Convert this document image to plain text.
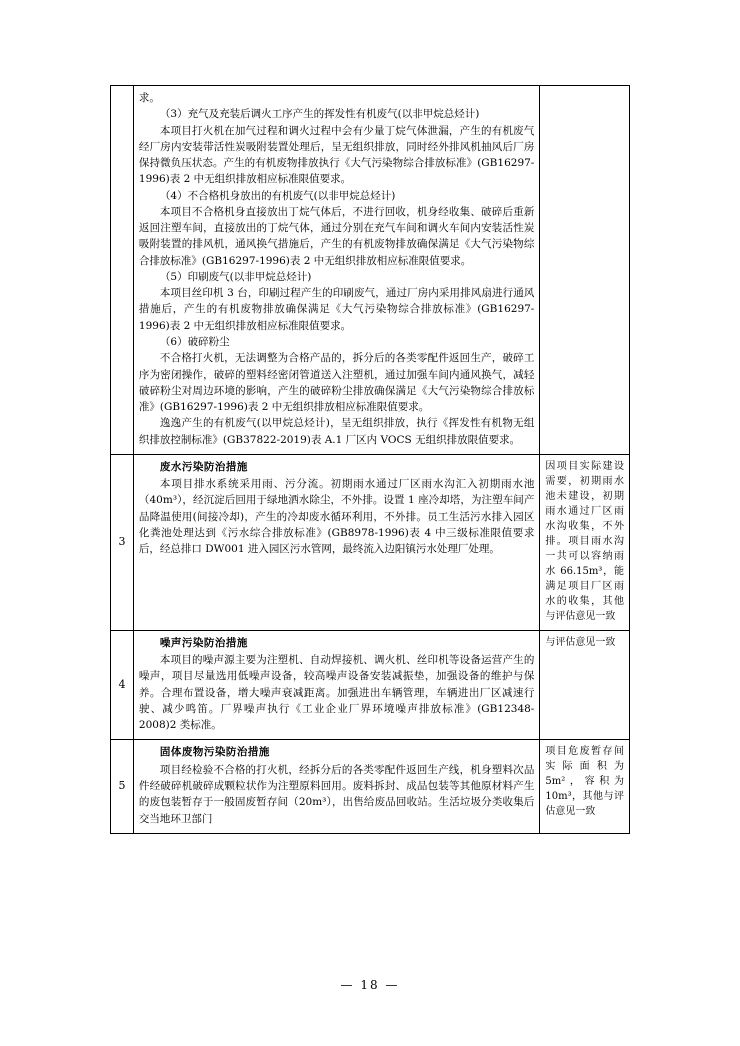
求。

（3）充气及充装后调火工序产生的挥发性有机废气(以非甲烷总烃计)

本项目打火机在加气过程和调火过程中会有少量丁烷气体泄漏，产生的有机废气经厂房内安装带活性炭吸附装置处理后，呈无组织排放，同时经外排风机抽风后厂房保持微负压状态。产生的有机废物排放执行《大气污染物综合排放标准》(GB16297-1996)表 2 中无组织排放相应标准限值要求。

（4）不合格机身放出的有机废气(以非甲烷总烃计)

本项目不合格机身直接放出丁烷气体后，不进行回收，机身经收集、破碎后重新返回注塑车间，直接放出的丁烷气体，通过分别在充气车间和调火车间内安装活性炭吸附装置的排风机，通风换气措施后，产生的有机废物排放确保满足《大气污染物综合排放标准》(GB16297-1996)表 2 中无组织排放相应标准限值要求。

（5）印刷废气(以非甲烷总烃计)

本项目丝印机 3 台，印刷过程产生的印刷废气，通过厂房内采用排风扇进行通风措施后，产生的有机废物排放确保满足《大气污染物综合排放标准》(GB16297-1996)表 2 中无组织排放相应标准限值要求。

（6）破碎粉尘

不合格打火机，无法调整为合格产品的，拆分后的各类零配件返回生产，破碎工序为密闭操作，破碎的塑料经密闭管道送入注塑机，通过加强车间内通风换气，减轻破碎粉尘对周边环境的影响，产生的破碎粉尘排放确保满足《大气污染物综合排放标准》(GB16297-1996)表 2 中无组织排放相应标准限值要求。

逸逸产生的有机废气(以甲烷总烃计)，呈无组织排放，执行《挥发性有机物无组织排放控制标准》(GB37822-2019)表 A.1 厂区内 VOCS 无组织排放限值要求。

3	废水污染防治措施

本项目排水系统采用雨、污分流。初期雨水通过厂区雨水沟汇入初期雨水池（40m³），经沉淀后回用于绿地洒水除尘，不外排。设置 1 座冷却塔，为注塑车间产品降温使用(间接冷却)，产生的冷却废水循环利用，不外排。员工生活污水排入园区化粪池处理达到《污水综合排放标准》(GB8978-1996)表 4 中三级标准限值要求后，经总排口 DW001 进入园区污水管网，最终流入边阳镇污水处理厂处理。	因项目实际建设需要，初期雨水池未建设，初期雨水通过厂区雨水沟收集，不外排。项目雨水沟一共可以容纳雨水 66.15m³，能满足项目厂区雨水的收集，其他与评估意见一致

4	噪声污染防治措施

本项目的噪声源主要为注塑机、自动焊接机、调火机、丝印机等设备运营产生的噪声，项目尽量选用低噪声设备，较高噪声设备安装减振垫，加强设备的维护与保养。合理布置设备，增大噪声衰减距离。加强进出车辆管理，车辆进出厂区减速行驶、减少鸣笛。厂界噪声执行《工业企业厂界环境噪声排放标准》(GB12348-2008)2 类标准。	与评估意见一致

5	固体废物污染防治措施

项目经检验不合格的打火机，经拆分后的各类零配件返回生产线，机身塑料次品件经破碎机破碎成颗粒状作为注塑原料回用。废料拆封、成品包装等其他原材料产生的废包装暂存于一般固废暂存间（20m³），出售给废品回收站。生活垃圾分类收集后交当地环卫部门	项目危废暂存间实际面积为 5m²，容积为 10m³，其他与评估意见一致

— 18 —
